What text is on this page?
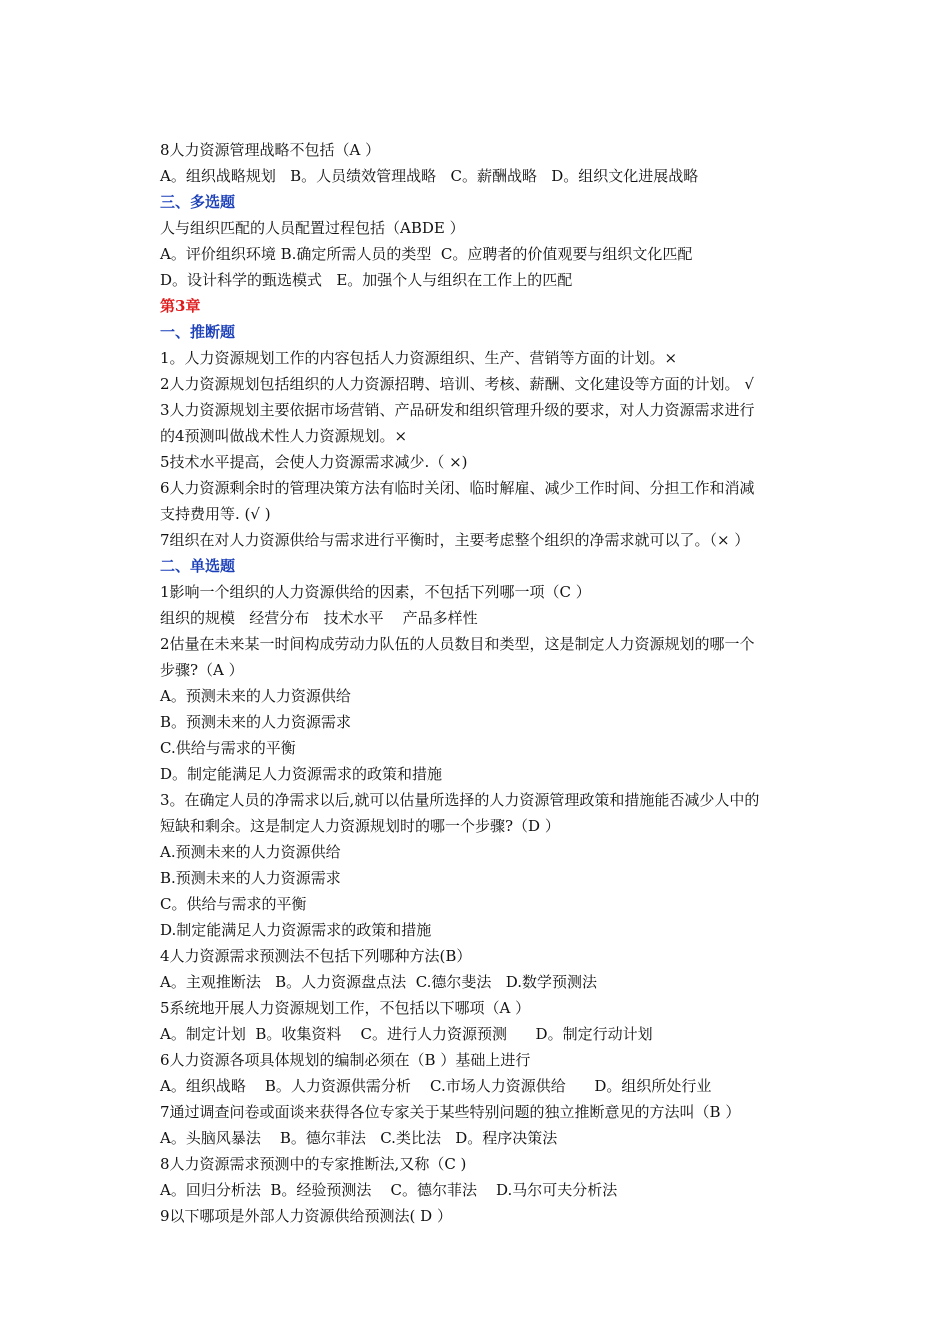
8人力资源管理战略不包括（A ）

A。组织战略规划   B。人员绩效管理战略   C。薪酬战略   D。组织文化进展战略

三、多选题

人与组织匹配的人员配置过程包括（ABDE ）

A。评价组织环境 B.确定所需人员的类型  C。应聘者的价值观要与组织文化匹配

D。设计科学的甄选模式   E。加强个人与组织在工作上的匹配

第3章

一、推断题

1。人力资源规划工作的内容包括人力资源组织、生产、营销等方面的计划。×

2人力资源规划包括组织的人力资源招聘、培训、考核、薪酬、文化建设等方面的计划。 √

3人力资源规划主要依据市场营销、产品研发和组织管理升级的要求，对人力资源需求进行

的4预测叫做战术性人力资源规划。×

5技术水平提高，会使人力资源需求减少.（ ×)

6人力资源剩余时的管理决策方法有临时关闭、临时解雇、减少工作时间、分担工作和消减

支持费用等. (√ )

7组织在对人力资源供给与需求进行平衡时，主要考虑整个组织的净需求就可以了。（× ）

二、单选题

1影响一个组织的人力资源供给的因素，不包括下列哪一项（C ）

组织的规模   经营分布   技术水平    产品多样性

2估量在未来某一时间构成劳动力队伍的人员数目和类型，这是制定人力资源规划的哪一个

步骤?（A ）

A。预测未来的人力资源供给

B。预测未来的人力资源需求

C.供给与需求的平衡

D。制定能满足人力资源需求的政策和措施

3。在确定人员的净需求以后,就可以估量所选择的人力资源管理政策和措施能否减少人中的

短缺和剩余。这是制定人力资源规划时的哪一个步骤?（D ）

A.预测未来的人力资源供给

B.预测未来的人力资源需求

C。供给与需求的平衡

D.制定能满足人力资源需求的政策和措施

4人力资源需求预测法不包括下列哪种方法(B）

A。主观推断法   B。人力资源盘点法  C.德尔斐法   D.数学预测法

5系统地开展人力资源规划工作，不包括以下哪项（A ）

A。制定计划  B。收集资料    C。进行人力资源预测      D。制定行动计划

6人力资源各项具体规划的编制必须在（B ）基础上进行

A。组织战略    B。人力资源供需分析    C.市场人力资源供给      D。组织所处行业

7通过调查问卷或面谈来获得各位专家关于某些特别问题的独立推断意见的方法叫（B ）

A。头脑风暴法    B。德尔菲法   C.类比法   D。程序决策法

8人力资源需求预测中的专家推断法,又称（C )

A。回归分析法  B。经验预测法    C。德尔菲法    D.马尔可夫分析法

9以下哪项是外部人力资源供给预测法( D ）
